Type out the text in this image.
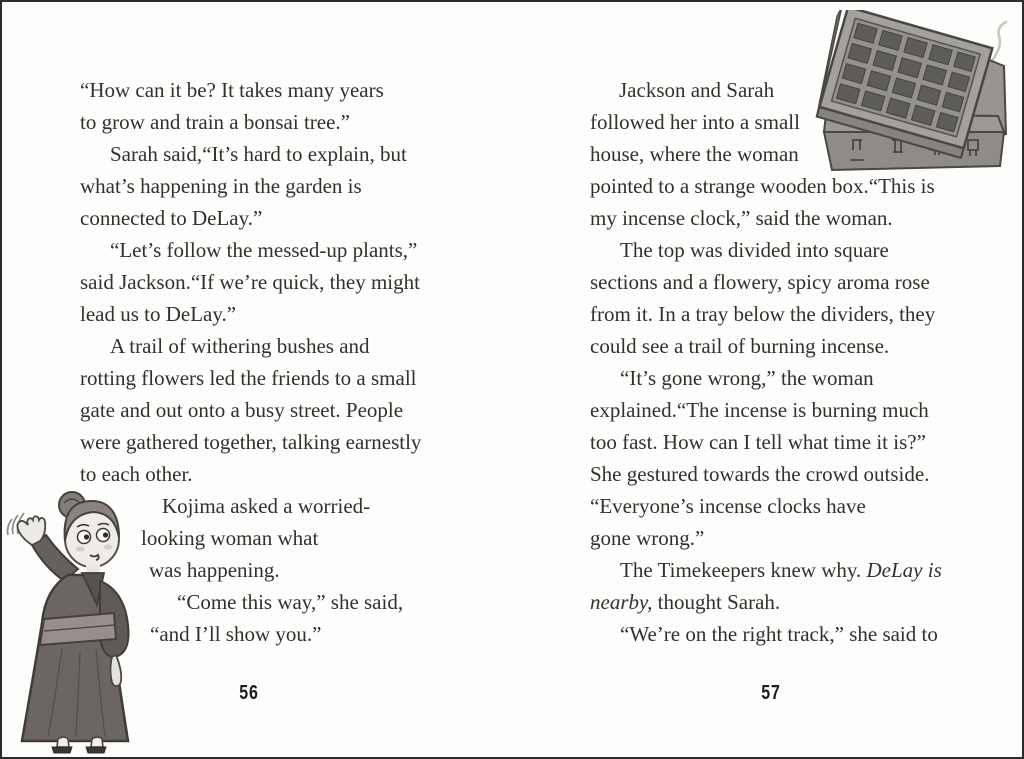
“How can it be? It takes many years
to grow and train a bonsai tree.”
Sarah said,“It’s hard to explain, but
what’s happening in the garden is
connected to DeLay.”
“Let’s follow the messed-up plants,”
said Jackson.“If we’re quick, they might
lead us to DeLay.”
A trail of withering bushes and
rotting flowers led the friends to a small
gate and out onto a busy street. People
were gathered together, talking earnestly
to each other.
Kojima asked a worried-
looking woman what
was happening.
“Come this way,” she said,
“and I’ll show you.”
Jackson and Sarah
followed her into a small
house, where the woman
pointed to a strange wooden box.“This is
my incense clock,” said the woman.
The top was divided into square
sections and a flowery, spicy aroma rose
from it. In a tray below the dividers, they
could see a trail of burning incense.
“It’s gone wrong,” the woman
explained.“The incense is burning much
too fast. How can I tell what time it is?”
She gestured towards the crowd outside.
“Everyone’s incense clocks have
gone wrong.”
The Timekeepers knew why. DeLay is
nearby, thought Sarah.
“We’re on the right track,” she said to
56	57
